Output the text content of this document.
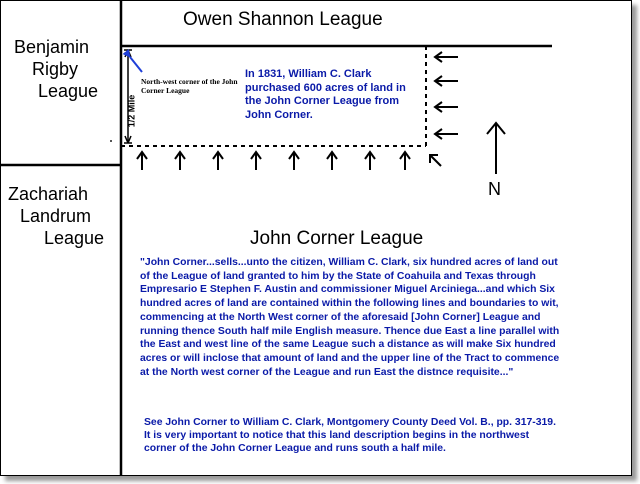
Owen Shannon League
Benjamin
Rigby
League
Zachariah
Landrum
League	John Corner League
N
North-west corner of the John Corner League
1/2 Mile
In 1831, William C. Clark purchased 600 acres of land in the John Corner League from John Corner.
"John Corner...sells...unto the citizen, William C. Clark, six hundred acres of land out of the League of land granted to him by the State of Coahuila and Texas through Empresario E Stephen F. Austin and commissioner Miguel Arciniega...and which Six hundred acres of land are contained within the following lines and boundaries to wit, commencing at the North West corner of the aforesaid [John Corner] League and running thence South half mile English measure. Thence due East a line parallel with the East and west line of the same League such a distance as will make Six hundred acres or will inclose that amount of land and the upper line of the Tract to commence at the North west corner of the League and run East the distnce requisite..."
See John Corner to William C. Clark, Montgomery County Deed Vol. B., pp. 317-319. It is very important to notice that this land description begins in the northwest corner of the John Corner League and runs south a half mile.
